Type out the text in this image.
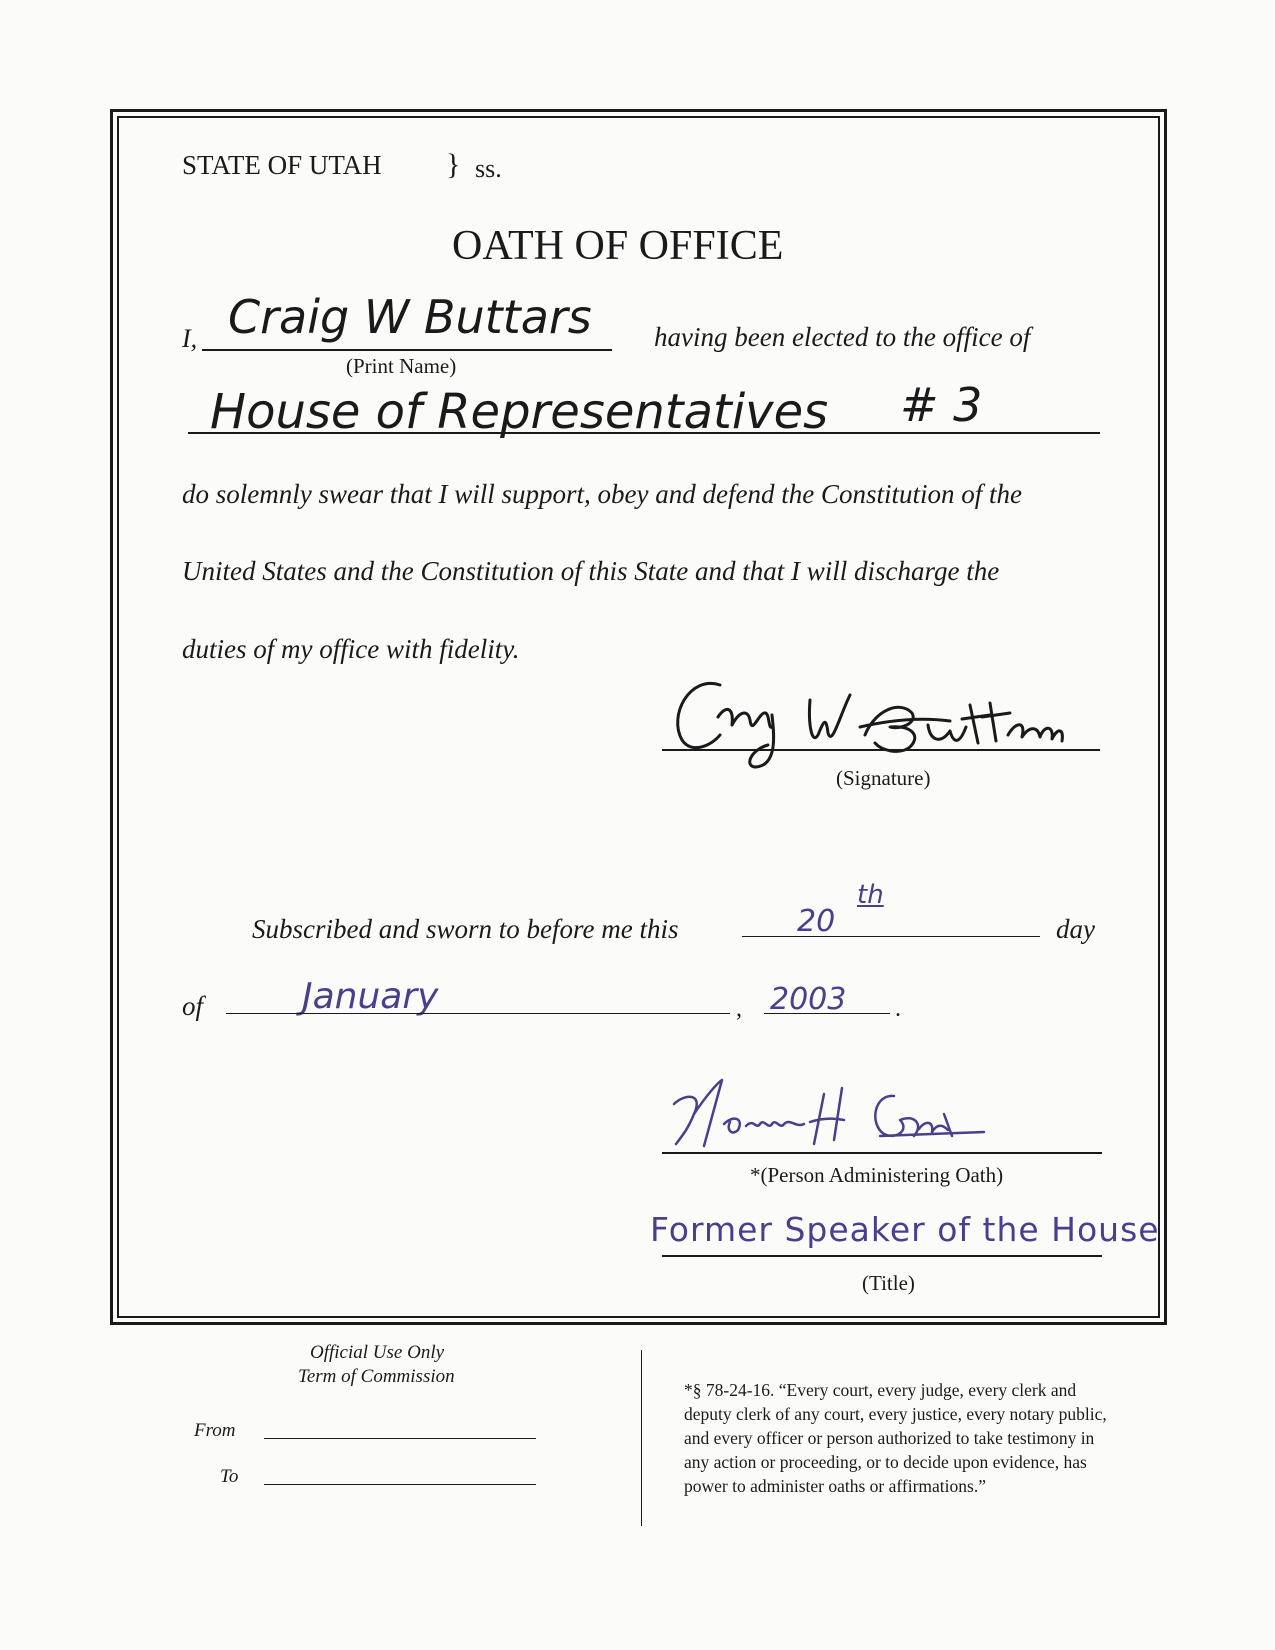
STATE OF UTAH } ss.
OATH OF OFFICE
I, Craig W Buttars
(Print Name)
having been elected to the office of
House of Representatives # 3
do solemnly swear that I will support, obey and defend the Constitution of the
United States and the Constitution of this State and that I will discharge the
duties of my office with fidelity.
(Signature)
Subscribed and sworn to before me this	20
th
day
of	January	, 2003 .
*(Person Administering Oath)
Former Speaker of the House
(Title)
Official Use Only
Term of Commission
From
To
*§ 78-24-16. “Every court, every judge, every clerk and
deputy clerk of any court, every justice, every notary public,
and every officer or person authorized to take testimony in
any action or proceeding, or to decide upon evidence, has
power to administer oaths or affirmations.”
